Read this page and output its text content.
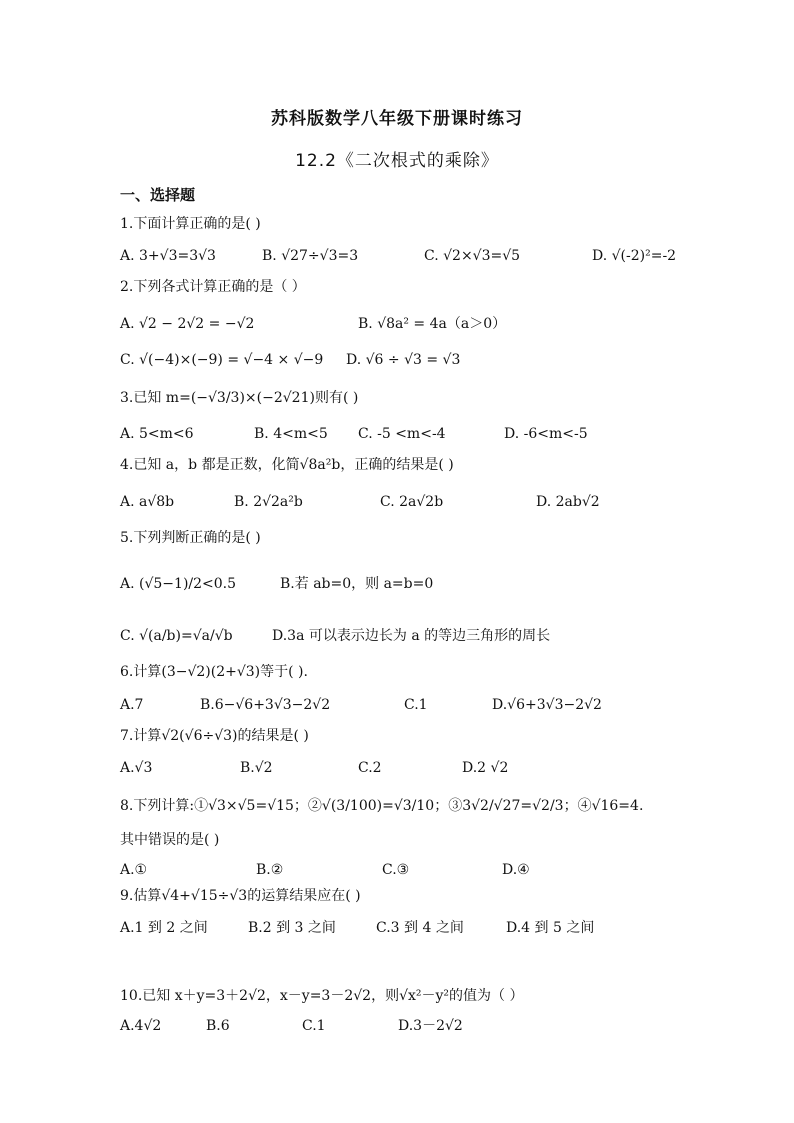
苏科版数学八年级下册课时练习
12.2《二次根式的乘除》
一、选择题
1.下面计算正确的是( )
A. 3+√3=3√3	B. √27÷√3=3	C. √2×√3=√5	D. √(-2)²=-2
2.下列各式计算正确的是（ ）
A. √2 − 2√2 = −√2	B. √8a² = 4a（a＞0）
C. √(−4)×(−9) = √−4 × √−9 D. √6 ÷ √3 = √3
3.已知 m=(−√3/3)×(−2√21)则有( )
A. 5<m<6	B. 4<m<5 C. -5 <m<-4	D. -6<m<-5
4.已知 a，b 都是正数，化简√8a²b，正确的结果是( )
A. a√8b	B. 2√2a²b	C. 2a√2b	D. 2ab√2
5.下列判断正确的是( )
A. (√5−1)/2<0.5	B.若 ab=0，则 a=b=0
C. √(a/b)=√a/√b	D.3a 可以表示边长为 a 的等边三角形的周长
6.计算(3−√2)(2+√3)等于( ).
A.7	B.6−√6+3√3−2√2	C.1	D.√6+3√3−2√2
7.计算√2(√6÷√3)的结果是( )
A.√3	B.√2	C.2	D.2 √2
8.下列计算:①√3×√5=√15；②√(3/100)=√3/10；③3√2/√27=√2/3；④√16=4.
其中错误的是( )
A.①	B.②	C.③	D.④
9.估算√4+√15÷√3的运算结果应在( )
A.1 到 2 之间	B.2 到 3 之间	C.3 到 4 之间	D.4 到 5 之间
10.已知 x＋y=3＋2√2，x－y=3－2√2，则√x²－y²的值为（ ）
A.4√2	B.6	C.1	D.3－2√2
